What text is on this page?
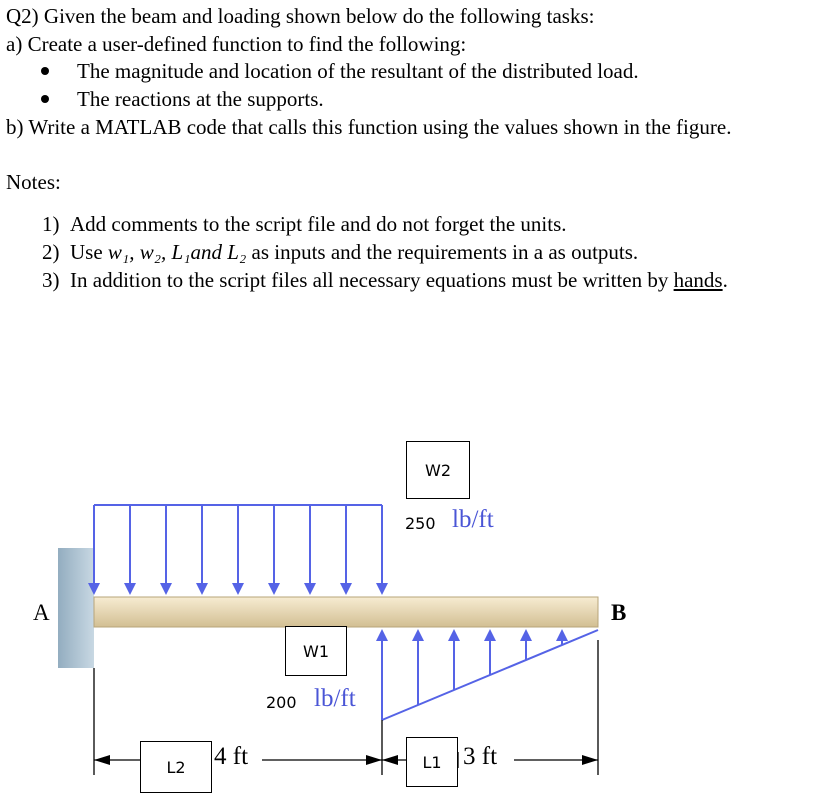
Q2) Given the beam and loading shown below do the following tasks:
a) Create a user-defined function to find the following:
The magnitude and location of the resultant of the distributed load.
The reactions at the supports.
b) Write a MATLAB code that calls this function using the values shown in the figure.
Notes:
1) Add comments to the script file and do not forget the units.
2) Use w₁, w₂, L₁and L₂ as inputs and the requirements in a as outputs.
3) In addition to the script files all necessary equations must be written by hands.
A	B
W2
250 lb/ft
W1
200 lb/ft
L2	4 ft	L1 3 ft
